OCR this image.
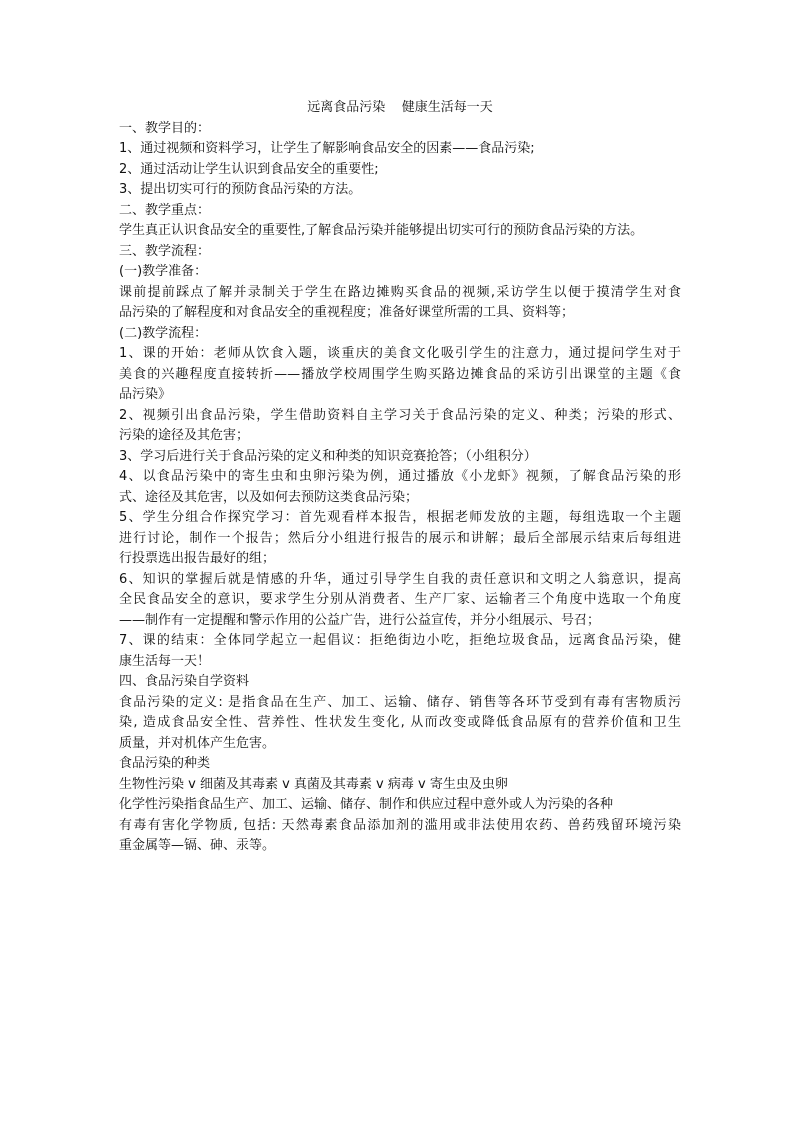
远离食品污染    健康生活每一天

一、教学目的：

1、通过视频和资料学习，让学生了解影响食品安全的因素——食品污染;

2、通过活动让学生认识到食品安全的重要性;

3、提出切实可行的预防食品污染的方法。

二、教学重点：

学生真正认识食品安全的重要性,了解食品污染并能够提出切实可行的预防食品污染的方法。

三、教学流程：

(一)教学准备：

课前提前踩点了解并录制关于学生在路边摊购买食品的视频,采访学生以便于摸清学生对食

品污染的了解程度和对食品安全的重视程度；准备好课堂所需的工具、资料等；

(二)教学流程：

1、课的开始：老师从饮食入题，谈重庆的美食文化吸引学生的注意力，通过提问学生对于

美食的兴趣程度直接转折——播放学校周围学生购买路边摊食品的采访引出课堂的主题《食

品污染》

2、视频引出食品污染，学生借助资料自主学习关于食品污染的定义、种类；污染的形式、

污染的途径及其危害；

3、学习后进行关于食品污染的定义和种类的知识竞赛抢答；（小组积分）

4、以食品污染中的寄生虫和虫卵污染为例，通过播放《小龙虾》视频，了解食品污染的形

式、途径及其危害，以及如何去预防这类食品污染；

5、学生分组合作探究学习：首先观看样本报告，根据老师发放的主题，每组选取一个主题

进行讨论，制作一个报告；然后分小组进行报告的展示和讲解；最后全部展示结束后每组进

行投票选出报告最好的组；

6、知识的掌握后就是情感的升华，通过引导学生自我的责任意识和文明之人翁意识，提高

全民食品安全的意识，要求学生分别从消费者、生产厂家、运输者三个角度中选取一个角度

——制作有一定提醒和警示作用的公益广告，进行公益宣传，并分小组展示、号召；

7、课的结束：全体同学起立一起倡议：拒绝街边小吃，拒绝垃圾食品，远离食品污染，健

康生活每一天！

四、食品污染自学资料

食品污染的定义: 是指食品在生产、加工、运输、储存、销售等各环节受到有毒有害物质污

染, 造成食品安全性、营养性、性状发生变化, 从而改变或降低食品原有的营养价值和卫生

质量，并对机体产生危害。

食品污染的种类

生物性污染 v 细菌及其毒素 v 真菌及其毒素 v 病毒 v 寄生虫及虫卵

化学性污染指食品生产、加工、运输、储存、制作和供应过程中意外或人为污染的各种

有毒有害化学物质, 包括: 天然毒素食品添加剂的滥用或非法使用农药、兽药残留环境污染

重金属等—镉、砷、汞等。
